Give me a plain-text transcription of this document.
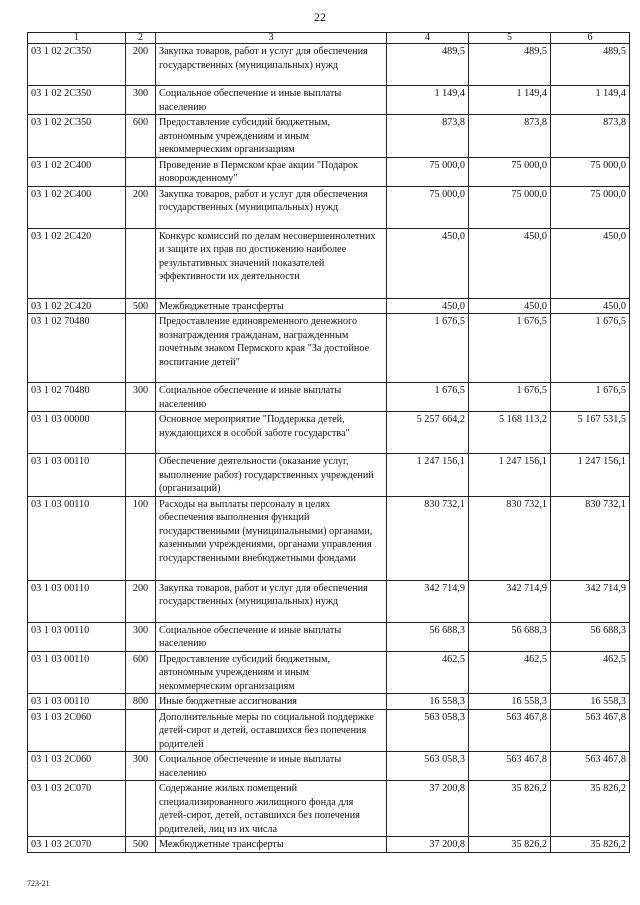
22
1	2	3	4	5	6
03 1 02 2С350	200	Закупка товаров, работ и услуг для обеспечения государственных (муниципальных) нужд	489,5	489,5	489,5
03 1 02 2С350	300	Социальное обеспечение и иные выплаты населению	1 149,4	1 149,4	1 149,4
03 1 02 2С350	600	Предоставление субсидий бюджетным, автономным учреждениям и иным некоммерческим организациям	873,8	873,8	873,8
03 1 02 2С400		Проведение в Пермском крае акции "Подарок новорожденному"	75 000,0	75 000,0	75 000,0
03 1 02 2С400	200	Закупка товаров, работ и услуг для обеспечения государственных (муниципальных) нужд	75 000,0	75 000,0	75 000,0
03 1 02 2С420		Конкурс комиссий по делам несовершеннолетних и защите их прав по достижению наиболее результативных значений показателей эффективности их деятельности	450,0	450,0	450,0
03 1 02 2С420	500	Межбюджетные трансферты	450,0	450,0	450,0
03 1 02 70480		Предоставление единовременного денежного вознаграждения гражданам, награжденным почетным знаком Пермского края "За достойное воспитание детей"	1 676,5	1 676,5	1 676,5
03 1 02 70480	300	Социальное обеспечение и иные выплаты населению	1 676,5	1 676,5	1 676,5
03 1 03 00000		Основное мероприятие "Поддержка детей, нуждающихся в особой заботе государства"	5 257 664,2	5 168 113,2	5 167 531,5
03 1 03 00110		Обеспечение деятельности (оказание услуг, выполнение работ) государственных учреждений (организаций)	1 247 156,1	1 247 156,1	1 247 156,1
03 1 03 00110	100	Расходы на выплаты персоналу в целях обеспечения выполнения функций государственными (муниципальными) органами, казенными учреждениями, органами управления государственными внебюджетными фондами	830 732,1	830 732,1	830 732,1
03 1 03 00110	200	Закупка товаров, работ и услуг для обеспечения государственных (муниципальных) нужд	342 714,9	342 714,9	342 714,9
03 1 03 00110	300	Социальное обеспечение и иные выплаты населению	56 688,3	56 688,3	56 688,3
03 1 03 00110	600	Предоставление субсидий бюджетным, автономным учреждениям и иным некоммерческим организациям	462,5	462,5	462,5
03 1 03 00110	800	Иные бюджетные ассигнования	16 558,3	16 558,3	16 558,3
03 1 03 2С060		Дополнительные меры по социальной поддержке детей-сирот и детей, оставшихся без попечения родителей	563 058,3	563 467,8	563 467,8
03 1 03 2С060	300	Социальное обеспечение и иные выплаты населению	563 058,3	563 467,8	563 467,8
03 1 03 2С070		Содержание жилых помещений специализированного жилищного фонда для детей-сирот, детей, оставшихся без попечения родителей, лиц из их числа	37 200,8	35 826,2	35 826,2
03 1 03 2С070	500	Межбюджетные трансферты	37 200,8	35 826,2	35 826,2
723-21
